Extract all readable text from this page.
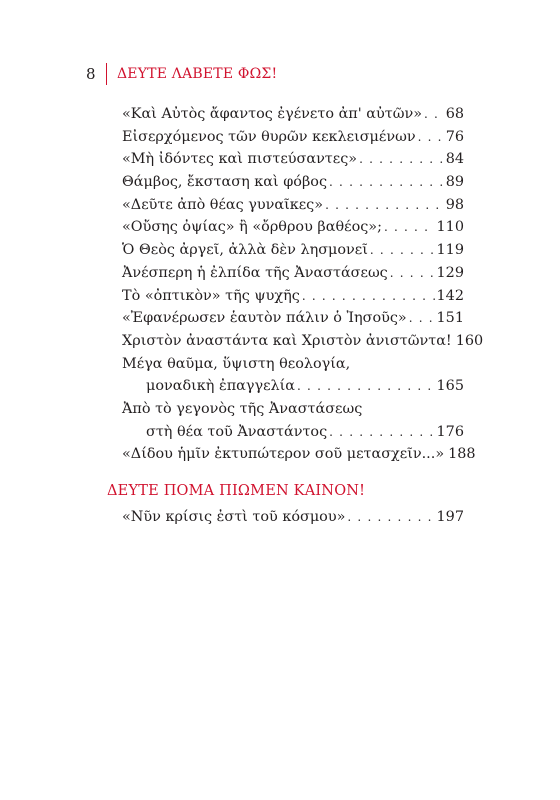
8	ΔΕΥΤΕ ΛΑΒΕΤΕ ΦΩΣ!
«Καὶ Αὐτὸς ἄφαντος ἐγένετο ἀπ' αὐτῶν» . . . 68
Εἰσερχόμενος τῶν θυρῶν κεκλεισμένων . . . 76
«Μὴ ἰδόντες καὶ πιστεύσαντες» . . .	84
Θάμβος, ἔκσταση καὶ φόβος . . .	89
«Δεῦτε ἀπὸ θέας γυναῖκες» . . .	98
«Οὔσης ὀψίας» ἢ «ὄρθρου βαθέος»; . . .	110
Ὁ Θεὸς ἀργεῖ, ἀλλὰ δὲν λησμονεῖ . . .	119
Ἀνέσπερη ἡ ἐλπίδα τῆς Ἀναστάσεως . . .	129
Τὸ «ὀπτικὸν» τῆς ψυχῆς . . .	142
«Ἐφανέρωσεν ἑαυτὸν πάλιν ὁ Ἰησοῦς» . . . 151
Χριστὸν ἀναστάντα καὶ Χριστὸν ἀνιστῶντα! 160
Μέγα θαῦμα, ὕψιστη θεολογία,
μοναδικὴ ἐπαγγελία . . .	165
Ἀπὸ τὸ γεγονὸς τῆς Ἀναστάσεως
στὴ θέα τοῦ Ἀναστάντος . . .	176
«Δίδου ἡμῖν ἐκτυπώτερον σοῦ μετασχεῖν...» 188
ΔΕΥΤΕ ΠΟΜΑ ΠΙΩΜΕΝ ΚΑΙΝΟΝ!
«Νῦν κρίσις ἐστὶ τοῦ κόσμου» . . .	197
